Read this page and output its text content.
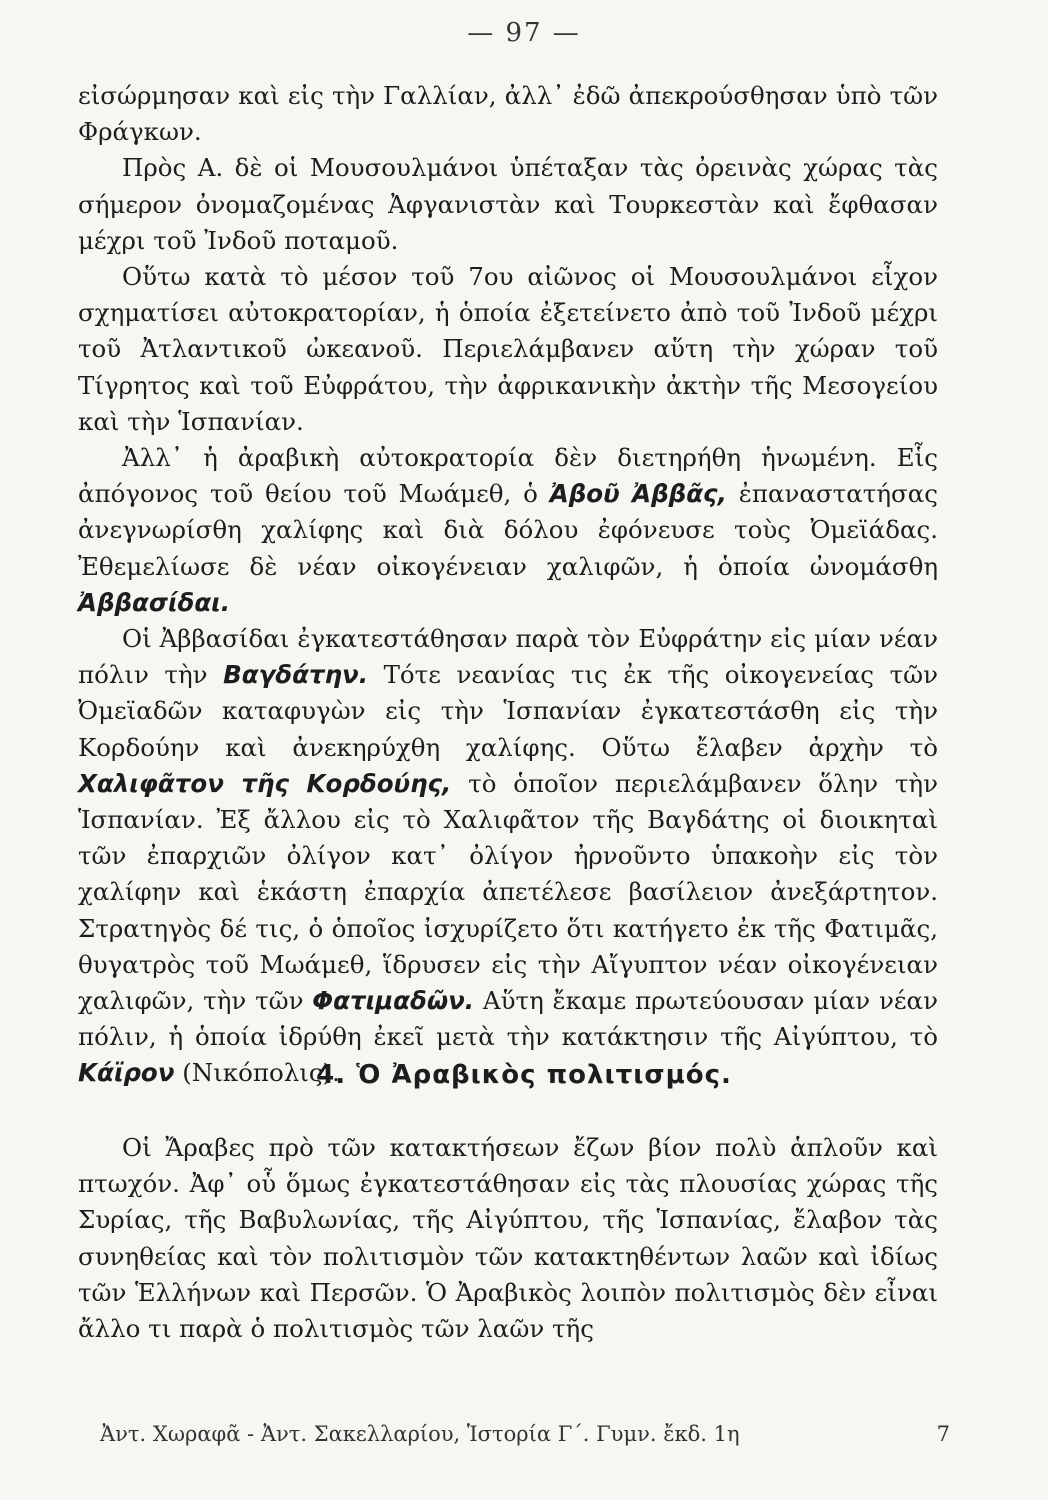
— 97 —

εἰσώρμησαν καὶ εἰς τὴν Γαλλίαν, ἀλλ᾽ ἐδῶ ἀπεκρούσθησαν ὑπὸ τῶν Φράγκων.

Πρὸς Α. δὲ οἱ Μουσουλμάνοι ὑπέταξαν τὰς ὀρεινὰς χώρας τὰς σήμερον ὀνομαζομένας Ἀφγανιστὰν καὶ Τουρκεστὰν καὶ ἔφθασαν μέχρι τοῦ Ἰνδοῦ ποταμοῦ.

Οὕτω κατὰ τὸ μέσον τοῦ 7ου αἰῶνος οἱ Μουσουλμάνοι εἶχον σχηματίσει αὐτοκρατορίαν, ἡ ὁποία ἐξετείνετο ἀπὸ τοῦ Ἰνδοῦ μέχρι τοῦ Ἀτλαντικοῦ ὠκεανοῦ. Περιελάμβανεν αὕτη τὴν χώραν τοῦ Τίγρητος καὶ τοῦ Εὐφράτου, τὴν ἀφρικανικὴν ἀκτὴν τῆς Μεσογείου καὶ τὴν Ἱσπανίαν.

Ἀλλ᾽ ἡ ἀραβικὴ αὐτοκρατορία δὲν διετηρήθη ἡνωμένη. Εἷς ἀπόγονος τοῦ θείου τοῦ Μωάμεθ, ὁ Ἀβοῦ Ἀββᾶς, ἐπαναστατήσας ἀνεγνωρίσθη χαλίφης καὶ διὰ δόλου ἐφόνευσε τοὺς Ὀμεϊάδας. Ἐθεμελίωσε δὲ νέαν οἰκογένειαν χαλιφῶν, ἡ ὁποία ὠνομάσθη Ἀββασίδαι.

Οἱ Ἀββασίδαι ἐγκατεστάθησαν παρὰ τὸν Εὐφράτην εἰς μίαν νέαν πόλιν τὴν Βαγδάτην. Τότε νεανίας τις ἐκ τῆς οἰκογενείας τῶν Ὀμεϊαδῶν καταφυγὼν εἰς τὴν Ἱσπανίαν ἐγκατεστάσθη εἰς τὴν Κορδούην καὶ ἀνεκηρύχθη χαλίφης. Οὕτω ἔλαβεν ἀρχὴν τὸ Χαλιφᾶτον τῆς Κορδούης, τὸ ὁποῖον περιελάμβανεν ὅλην τὴν Ἱσπανίαν. Ἐξ ἄλλου εἰς τὸ Χαλιφᾶτον τῆς Βαγδάτης οἱ διοικηταὶ τῶν ἐπαρχιῶν ὀλίγον κατ᾽ ὀλίγον ἠρνοῦντο ὑπακοὴν εἰς τὸν χαλίφην καὶ ἑκάστη ἐπαρχία ἀπετέλεσε βασίλειον ἀνεξάρτητον. Στρατηγὸς δέ τις, ὁ ὁποῖος ἰσχυρίζετο ὅτι κατήγετο ἐκ τῆς Φατιμᾶς, θυγατρὸς τοῦ Μωάμεθ, ἵδρυσεν εἰς τὴν Αἴγυπτον νέαν οἰκογένειαν χαλιφῶν, τὴν τῶν Φατιμαδῶν. Αὕτη ἔκαμε πρωτεύουσαν μίαν νέαν πόλιν, ἡ ὁποία ἱδρύθη ἐκεῖ μετὰ τὴν κατάκτησιν τῆς Αἰγύπτου, τὸ Κάϊρον (Νικόπολις).

4. Ὁ Ἀραβικὸς πολιτισμός.

Οἱ Ἄραβες πρὸ τῶν κατακτήσεων ἔζων βίον πολὺ ἁπλοῦν καὶ πτωχόν. Ἀφ᾽ οὗ ὅμως ἐγκατεστάθησαν εἰς τὰς πλουσίας χώρας τῆς Συρίας, τῆς Βαβυλωνίας, τῆς Αἰγύπτου, τῆς Ἱσπανίας, ἔλαβον τὰς συνηθείας καὶ τὸν πολιτισμὸν τῶν κατακτηθέντων λαῶν καὶ ἰδίως τῶν Ἑλλήνων καὶ Περσῶν. Ὁ Ἀραβικὸς λοιπὸν πολιτισμὸς δὲν εἶναι ἄλλο τι παρὰ ὁ πολιτισμὸς τῶν λαῶν τῆς

Ἀντ. Χωραφᾶ - Ἀντ. Σακελλαρίου, Ἱστορία Γ΄. Γυμν. ἔκδ. 1η	7
